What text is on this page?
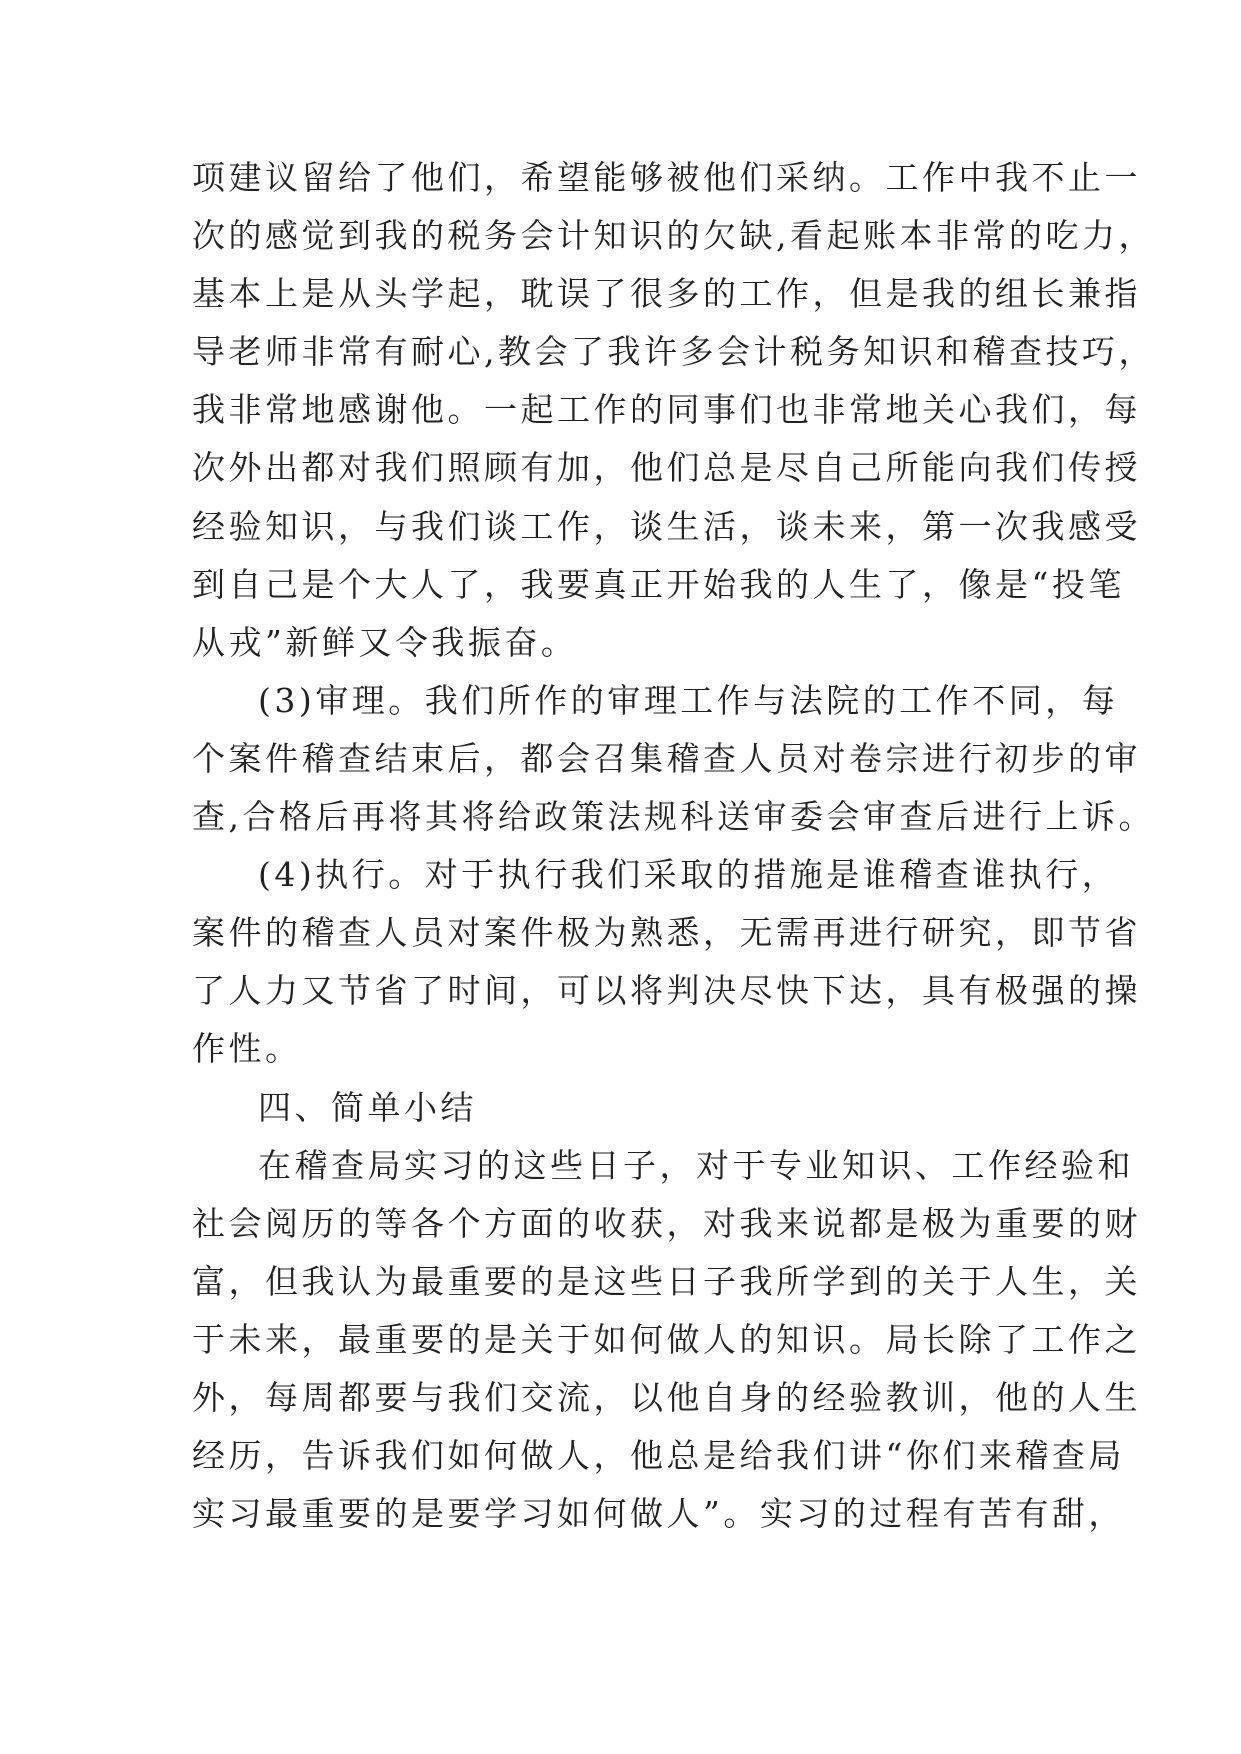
项建议留给了他们，希望能够被他们采纳。工作中我不止一
次的感觉到我的税务会计知识的欠缺,看起账本非常的吃力，
基本上是从头学起，耽误了很多的工作，但是我的组长兼指
导老师非常有耐心,教会了我许多会计税务知识和稽查技巧，
我非常地感谢他。一起工作的同事们也非常地关心我们，每
次外出都对我们照顾有加，他们总是尽自己所能向我们传授
经验知识，与我们谈工作，谈生活，谈未来，第一次我感受
到自己是个大人了，我要真正开始我的人生了，像是“投笔
从戎”新鲜又令我振奋。
(3)审理。我们所作的审理工作与法院的工作不同，每
个案件稽查结束后，都会召集稽查人员对卷宗进行初步的审
查,合格后再将其将给政策法规科送审委会审查后进行上诉。
(4)执行。对于执行我们采取的措施是谁稽查谁执行，
案件的稽查人员对案件极为熟悉，无需再进行研究，即节省
了人力又节省了时间，可以将判决尽快下达，具有极强的操
作性。
四、简单小结
在稽查局实习的这些日子，对于专业知识、工作经验和
社会阅历的等各个方面的收获，对我来说都是极为重要的财
富，但我认为最重要的是这些日子我所学到的关于人生，关
于未来，最重要的是关于如何做人的知识。局长除了工作之
外，每周都要与我们交流，以他自身的经验教训，他的人生
经历，告诉我们如何做人，他总是给我们讲“你们来稽查局
实习最重要的是要学习如何做人”。实习的过程有苦有甜，
